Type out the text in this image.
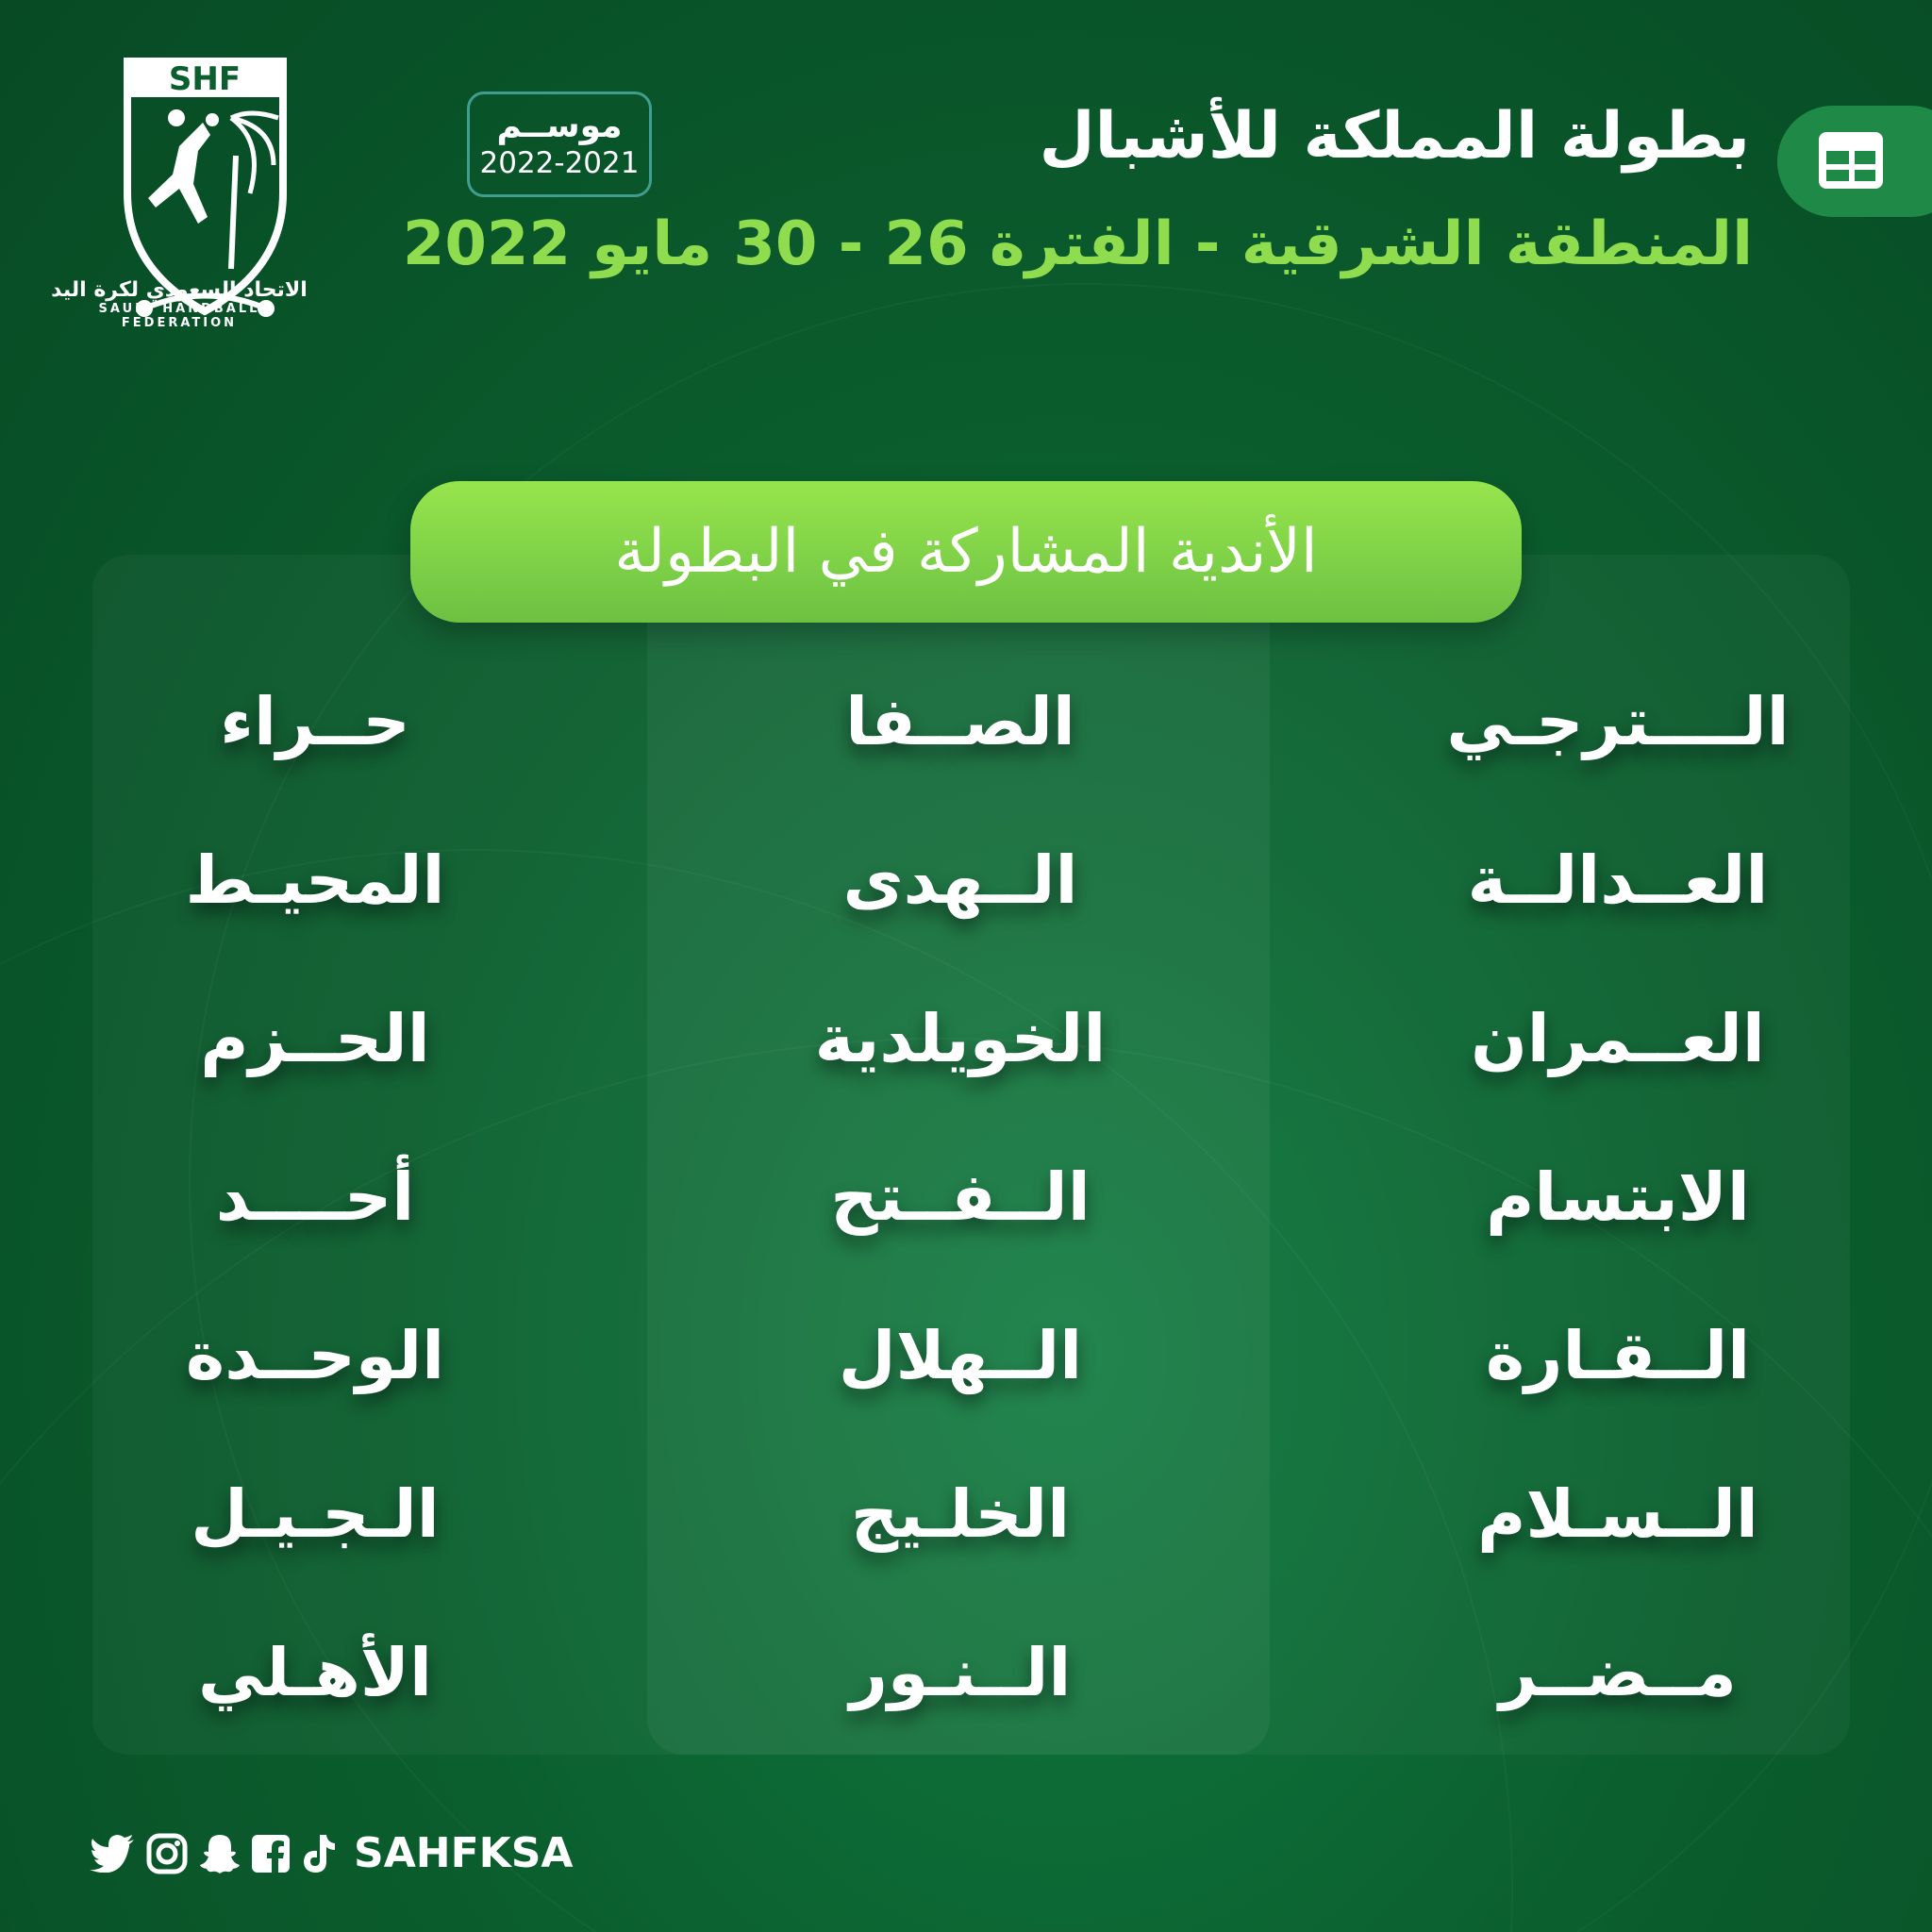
SHF
الاتحاد السعودي لكرة اليد
SAUDI HANDBALL FEDERATION
موســم
2022-2021	بطولة المملكة للأشبال
المنطقة الشرقية - الفترة 26 - 30 مايو 2022
الأندية المشاركة في البطولة
الــــترجـي
العــدالــة
العــمران
الابتسام
الــقـارة
الــسـلام
مــضــر
الصــفا
الــهدى
الخويلدية
الــفــتح
الــهلال
الخلـيج
الــنـور
حــراء
المحيـط
الحــزم
أحــــد
الوحــدة
الـجـيـل
الأهـلي
SAHFKSA
